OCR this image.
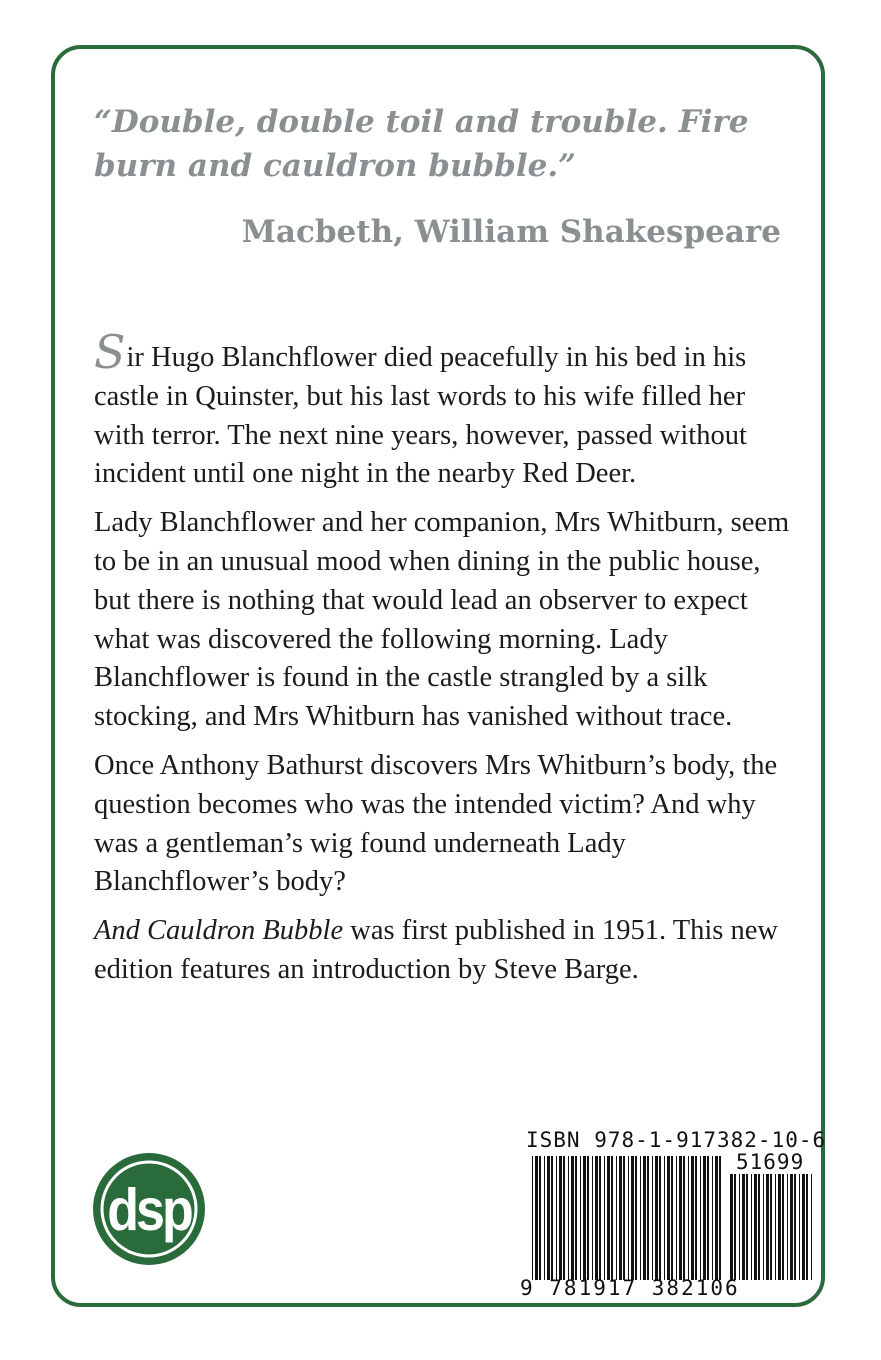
“Double, double toil and trouble. Fire burn and cauldron bubble.”

Macbeth, William Shakespeare

Sir Hugo Blanchflower died peacefully in his bed in his castle in Quinster, but his last words to his wife filled her with terror. The next nine years, however, passed without incident until one night in the nearby Red Deer.

Lady Blanchflower and her companion, Mrs Whitburn, seem to be in an unusual mood when dining in the public house, but there is nothing that would lead an observer to expect what was discovered the following morning. Lady Blanchflower is found in the castle strangled by a silk stocking, and Mrs Whitburn has vanished without trace.

Once Anthony Bathurst discovers Mrs Whitburn’s body, the question becomes who was the intended victim? And why was a gentleman’s wig found underneath Lady Blanchflower’s body?

And Cauldron Bubble was first published in 1951. This new edition features an introduction by Steve Barge.

dsp
ISBN 978-1-917382-10-6
51699
9 781917 382106
